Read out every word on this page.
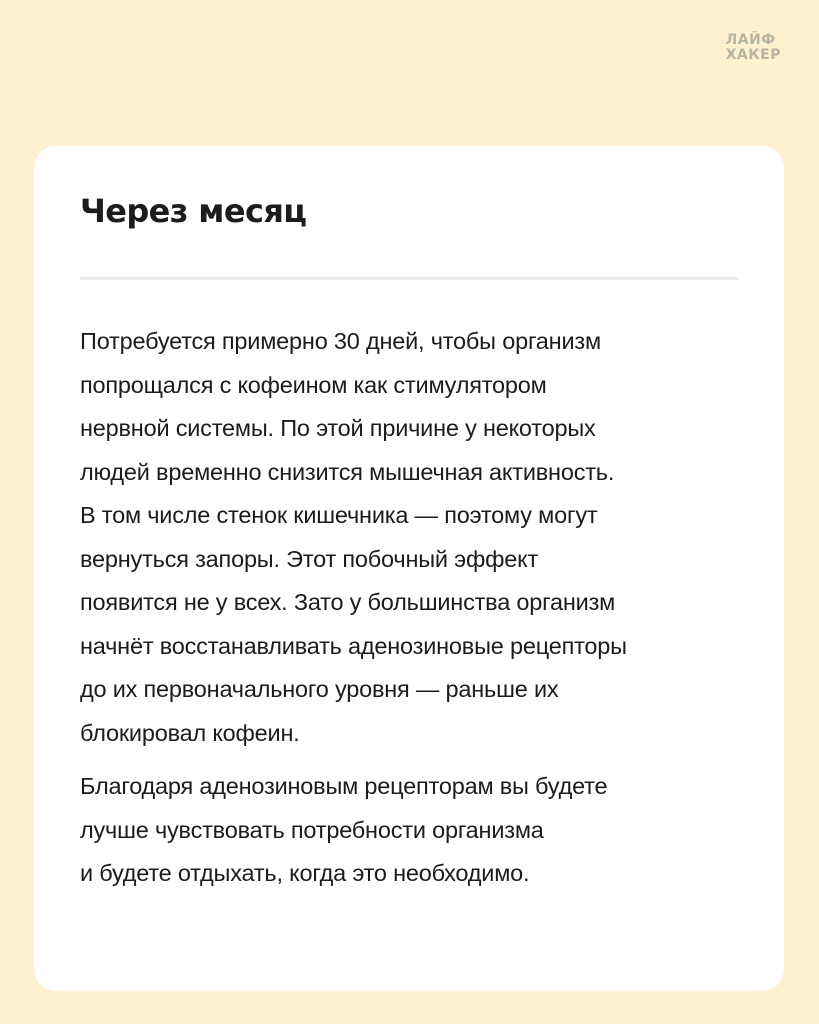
ЛАЙФ
ХАКЕР
Через месяц

Потребуется примерно 30 дней, чтобы организм
попрощался с кофеином как стимулятором
нервной системы. По этой причине у некоторых
людей временно снизится мышечная активность.
В том числе стенок кишечника — поэтому могут
вернуться запоры. Этот побочный эффект
появится не у всех. Зато у большинства организм
начнёт восстанавливать аденозиновые рецепторы
до их первоначального уровня — раньше их
блокировал кофеин.

Благодаря аденозиновым рецепторам вы будете
лучше чувствовать потребности организма
и будете отдыхать, когда это необходимо.
